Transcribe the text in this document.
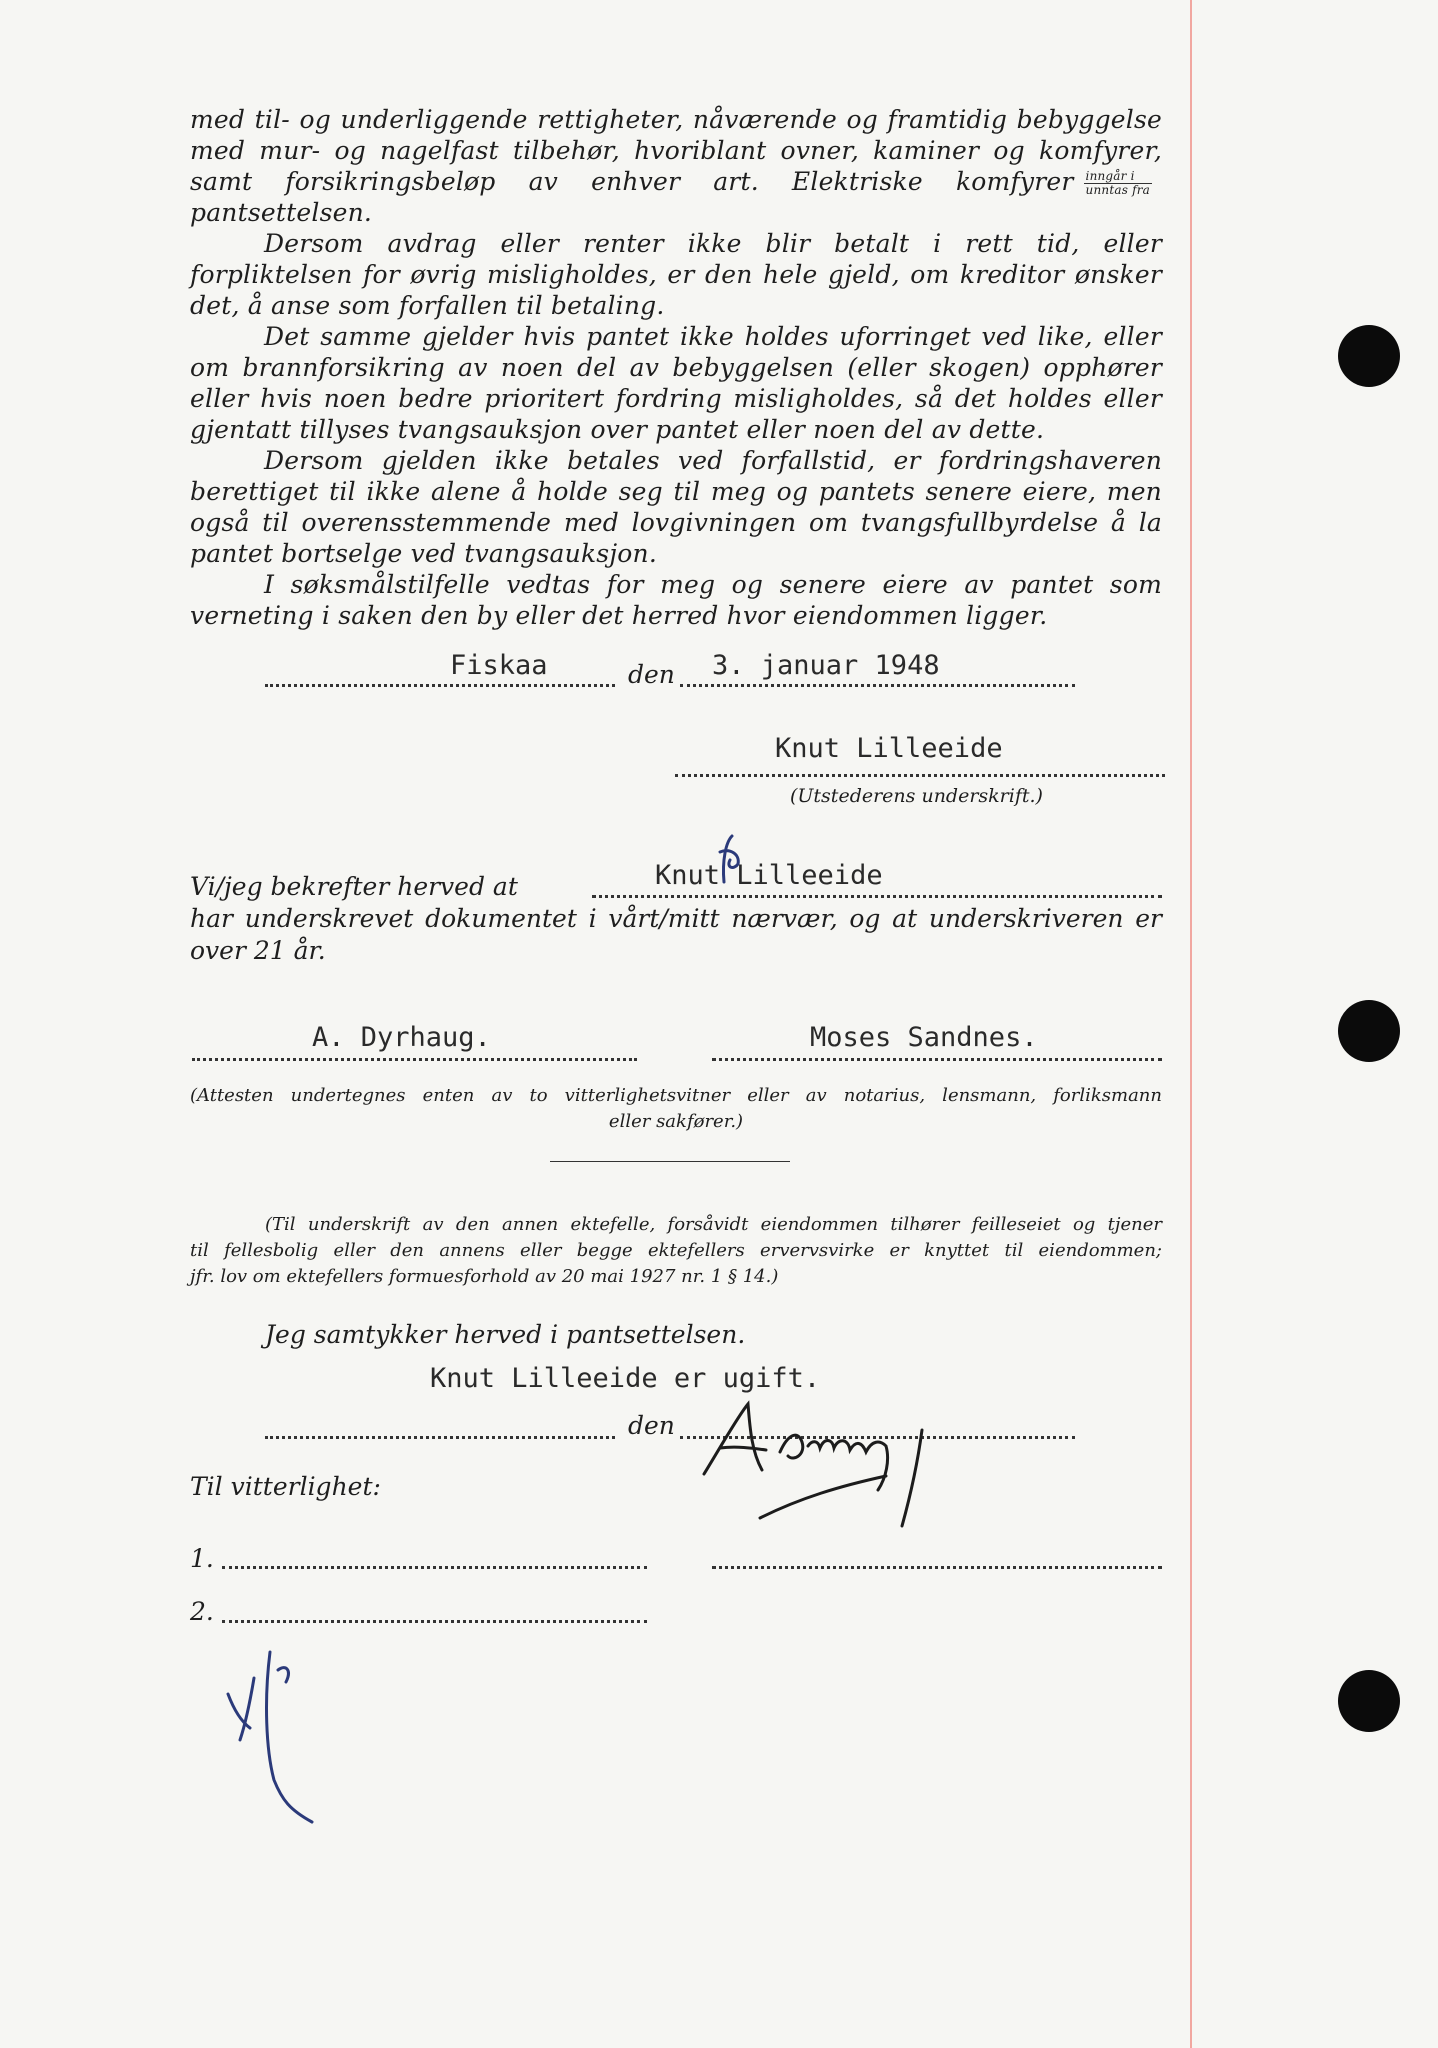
med til- og underliggende rettigheter, nåværende og framtidig bebyggelse med mur- og nagelfast tilbehør, hvoriblant ovner, kaminer og komfyrer, samt forsikringsbeløp av enhver art. Elektriske komfyrer $\frac{\text{inngår i}}{\text{unntas fra}}$
pantsettelsen.

Dersom avdrag eller renter ikke blir betalt i rett tid, eller forpliktelsen for øvrig misligholdes, er den hele gjeld, om kreditor ønsker det, å anse som forfallen til betaling.

Det samme gjelder hvis pantet ikke holdes uforringet ved like, eller om brannforsikring av noen del av bebyggelsen (eller skogen) opphører eller hvis noen bedre prioritert fordring misligholdes, så det holdes eller gjentatt tillyses tvangsauksjon over pantet eller noen del av dette.

Dersom gjelden ikke betales ved forfallstid, er fordringshaveren berettiget til ikke alene å holde seg til meg og pantets senere eiere, men også til overensstemmende med lovgivningen om tvangsfullbyrdelse å la pantet bortselge ved tvangsauksjon.

I søksmålstilfelle vedtas for meg og senere eiere av pantet som verneting i saken den by eller det herred hvor eiendommen ligger.

Fiskaa	den 3. januar 1948
Knut Lilleeide
(Utstederens underskrift.)
Vi/jeg bekrefter herved at	Knut Lilleeide
har underskrevet dokumentet i vårt/mitt nærvær, og at underskriveren er
over 21 år.
A. Dyrhaug.	Moses Sandnes.
(Attesten undertegnes enten av to vitterlighetsvitner eller av notarius, lensmann, forliksmann
eller sakfører.)
(Til underskrift av den annen ektefelle, forsåvidt eiendommen tilhører feilleseiet og tjener
til fellesbolig eller den annens eller begge ektefellers ervervsvirke er knyttet til eiendommen;
jfr. lov om ektefellers formuesforhold av 20 mai 1927 nr. 1 § 14.)
Jeg samtykker herved i pantsettelsen.
Knut Lilleeide er ugift.
den
Til vitterlighet:
1.
2.
